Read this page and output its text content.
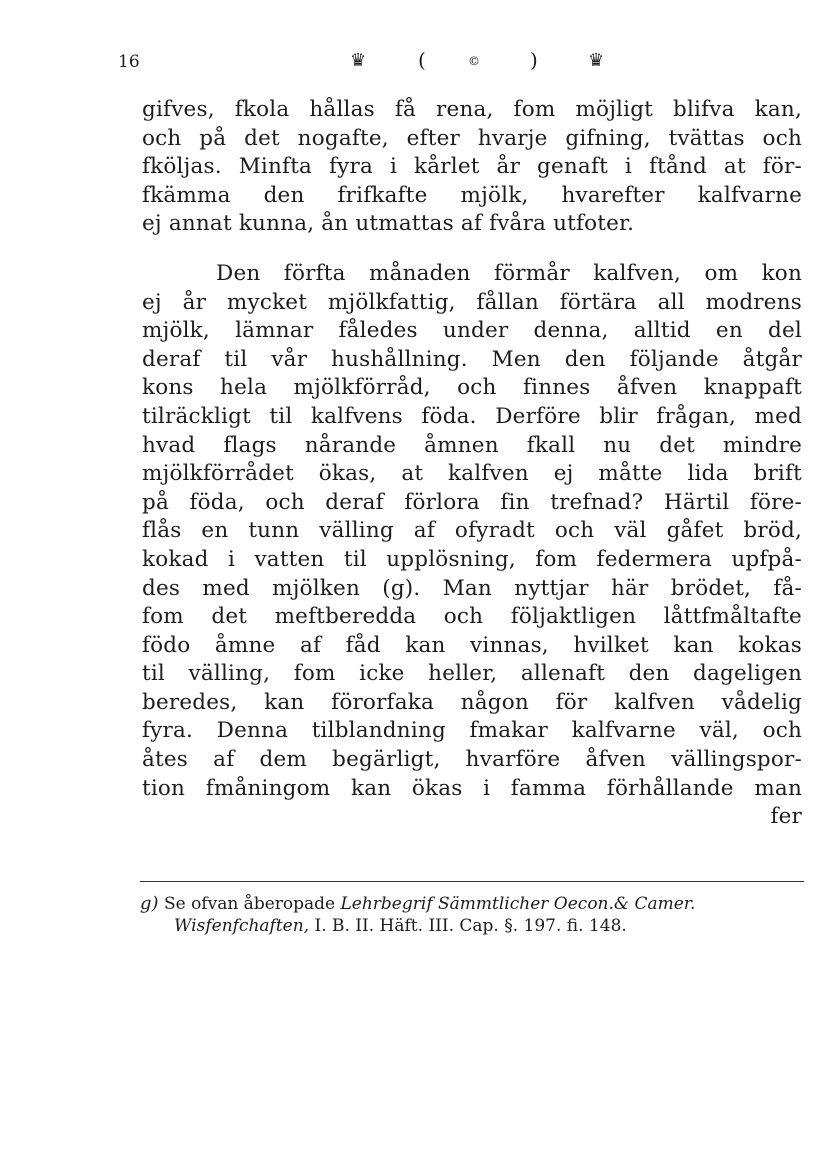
16	♛	(	©	)	♛
gifves, fkola hållas få rena, fom möjligt blifva kan,
och på det nogafte, efter hvarje gifning, tvättas och
fköljas. Minfta fyra i kårlet år genaft i ftånd at för-
fkämma den frifkafte mjölk, hvarefter kalfvarne
ej annat kunna, ån utmattas af fvåra utfoter.
Den förfta månaden förmår kalfven, om kon
ej år mycket mjölkfattig, fållan förtära all modrens
mjölk, lämnar fåledes under denna, alltid en del
deraf til vår hushållning. Men den följande åtgår
kons hela mjölkförråd, och finnes åfven knappaft
tilräckligt til kalfvens föda. Derföre blir frågan, med
hvad flags nårande åmnen fkall nu det mindre
mjölkförrådet ökas, at kalfven ej måtte lida brift
på föda, och deraf förlora fin trefnad? Härtil före-
flås en tunn välling af ofyradt och väl gåfet bröd,
kokad i vatten til upplösning, fom federmera upfpå-
des med mjölken (g). Man nyttjar här brödet, få-
fom det meftberedda och följaktligen låttfmåltafte
födo åmne af fåd kan vinnas, hvilket kan kokas
til välling, fom icke heller, allenaft den dageligen
beredes, kan förorfaka någon för kalfven vådelig
fyra. Denna tilblandning fmakar kalfvarne väl, och
åtes af dem begärligt, hvarföre åfven vällingspor-
tion fmåningom kan ökas i famma förhållande man
fer
g) Se ofvan åberopade Lehrbegrif Sämmtlicher Oecon.& Camer.
Wisfenfchaften, I. B. II. Häft. III. Cap. §. 197. fi. 148.
